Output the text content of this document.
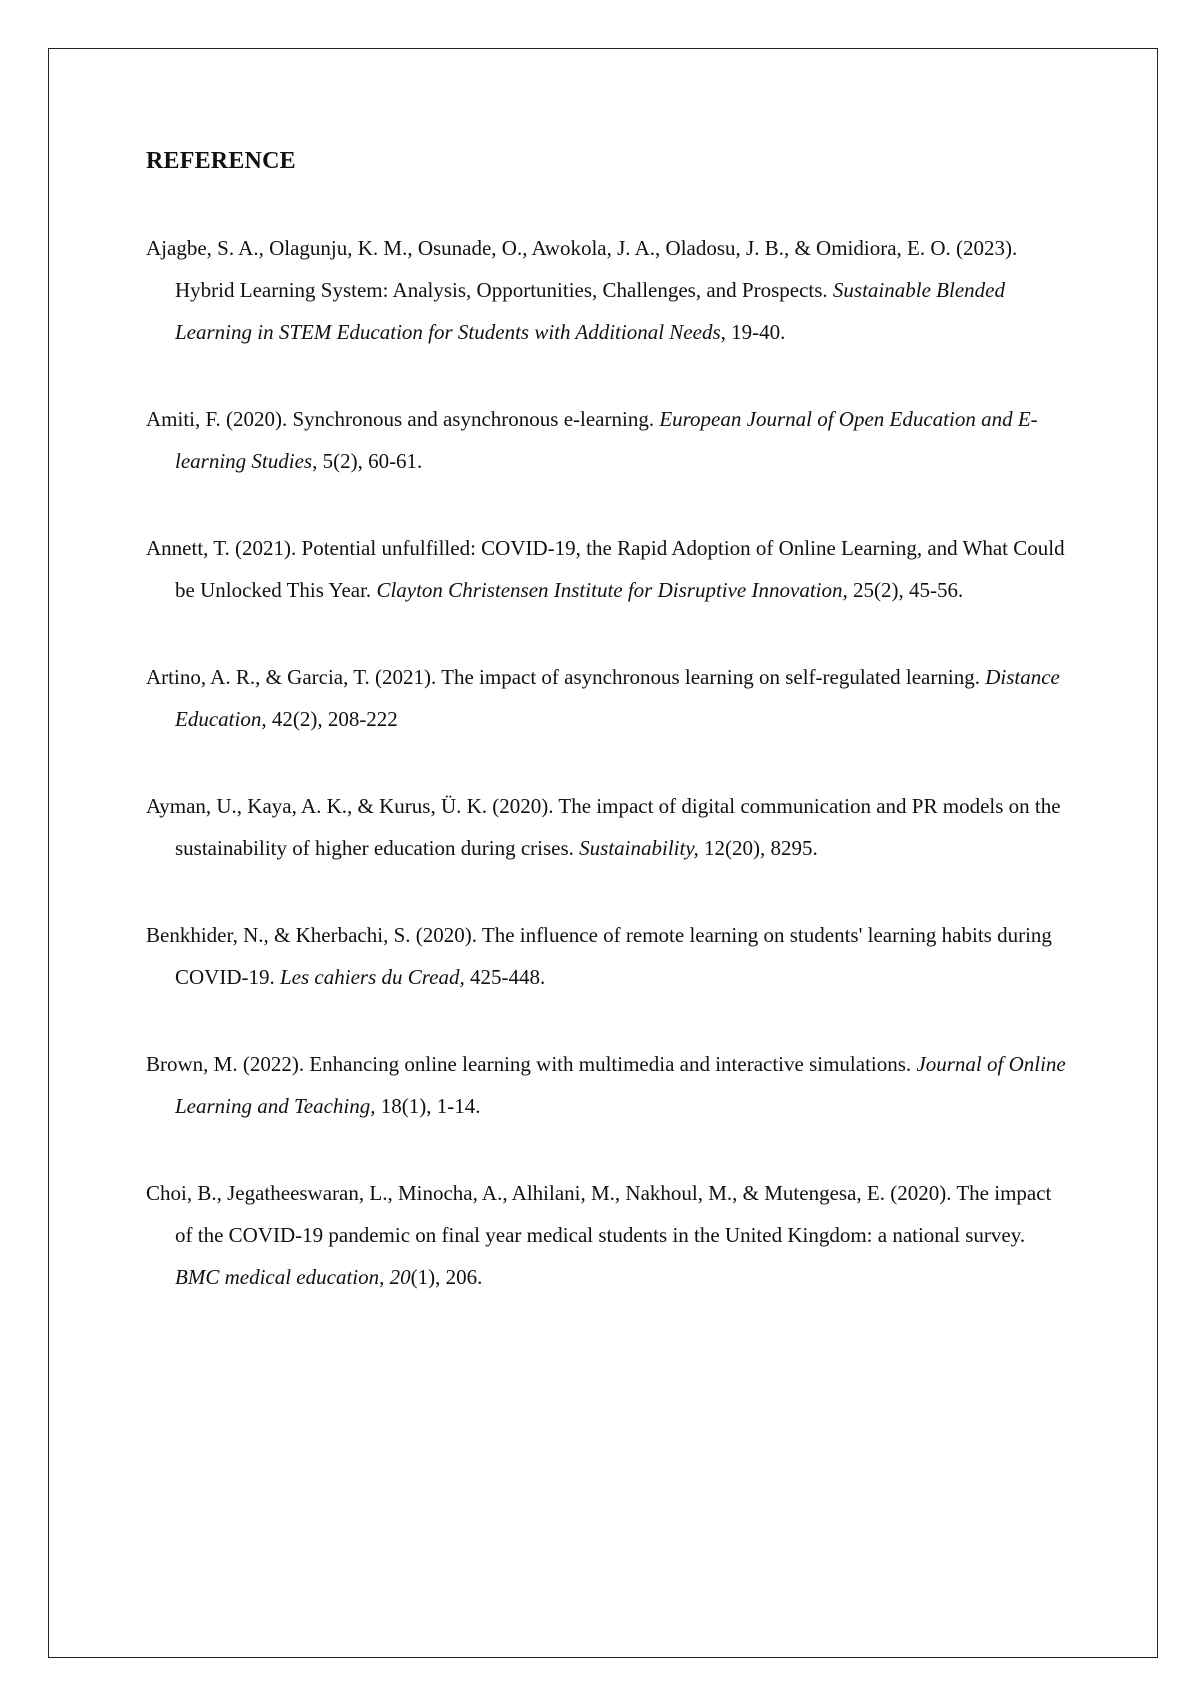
REFERENCE

Ajagbe, S. A., Olagunju, K. M., Osunade, O., Awokola, J. A., Oladosu, J. B., & Omidiora, E. O. (2023). Hybrid Learning System: Analysis, Opportunities, Challenges, and Prospects. Sustainable Blended Learning in STEM Education for Students with Additional Needs, 19-40.

Amiti, F. (2020). Synchronous and asynchronous e-learning. European Journal of Open Education and E-learning Studies, 5(2), 60-61.

Annett, T. (2021). Potential unfulfilled: COVID-19, the Rapid Adoption of Online Learning, and What Could be Unlocked This Year. Clayton Christensen Institute for Disruptive Innovation, 25(2), 45-56.

Artino, A. R., & Garcia, T. (2021). The impact of asynchronous learning on self-regulated learning. Distance Education, 42(2), 208-222

Ayman, U., Kaya, A. K., & Kurus, Ü. K. (2020). The impact of digital communication and PR models on the sustainability of higher education during crises. Sustainability, 12(20), 8295.

Benkhider, N., & Kherbachi, S. (2020). The influence of remote learning on students' learning habits during COVID-19. Les cahiers du Cread, 425-448.

Brown, M. (2022). Enhancing online learning with multimedia and interactive simulations. Journal of Online Learning and Teaching, 18(1), 1-14.

Choi, B., Jegatheeswaran, L., Minocha, A., Alhilani, M., Nakhoul, M., & Mutengesa, E. (2020). The impact of the COVID-19 pandemic on final year medical students in the United Kingdom: a national survey. BMC medical education, 20(1), 206.
